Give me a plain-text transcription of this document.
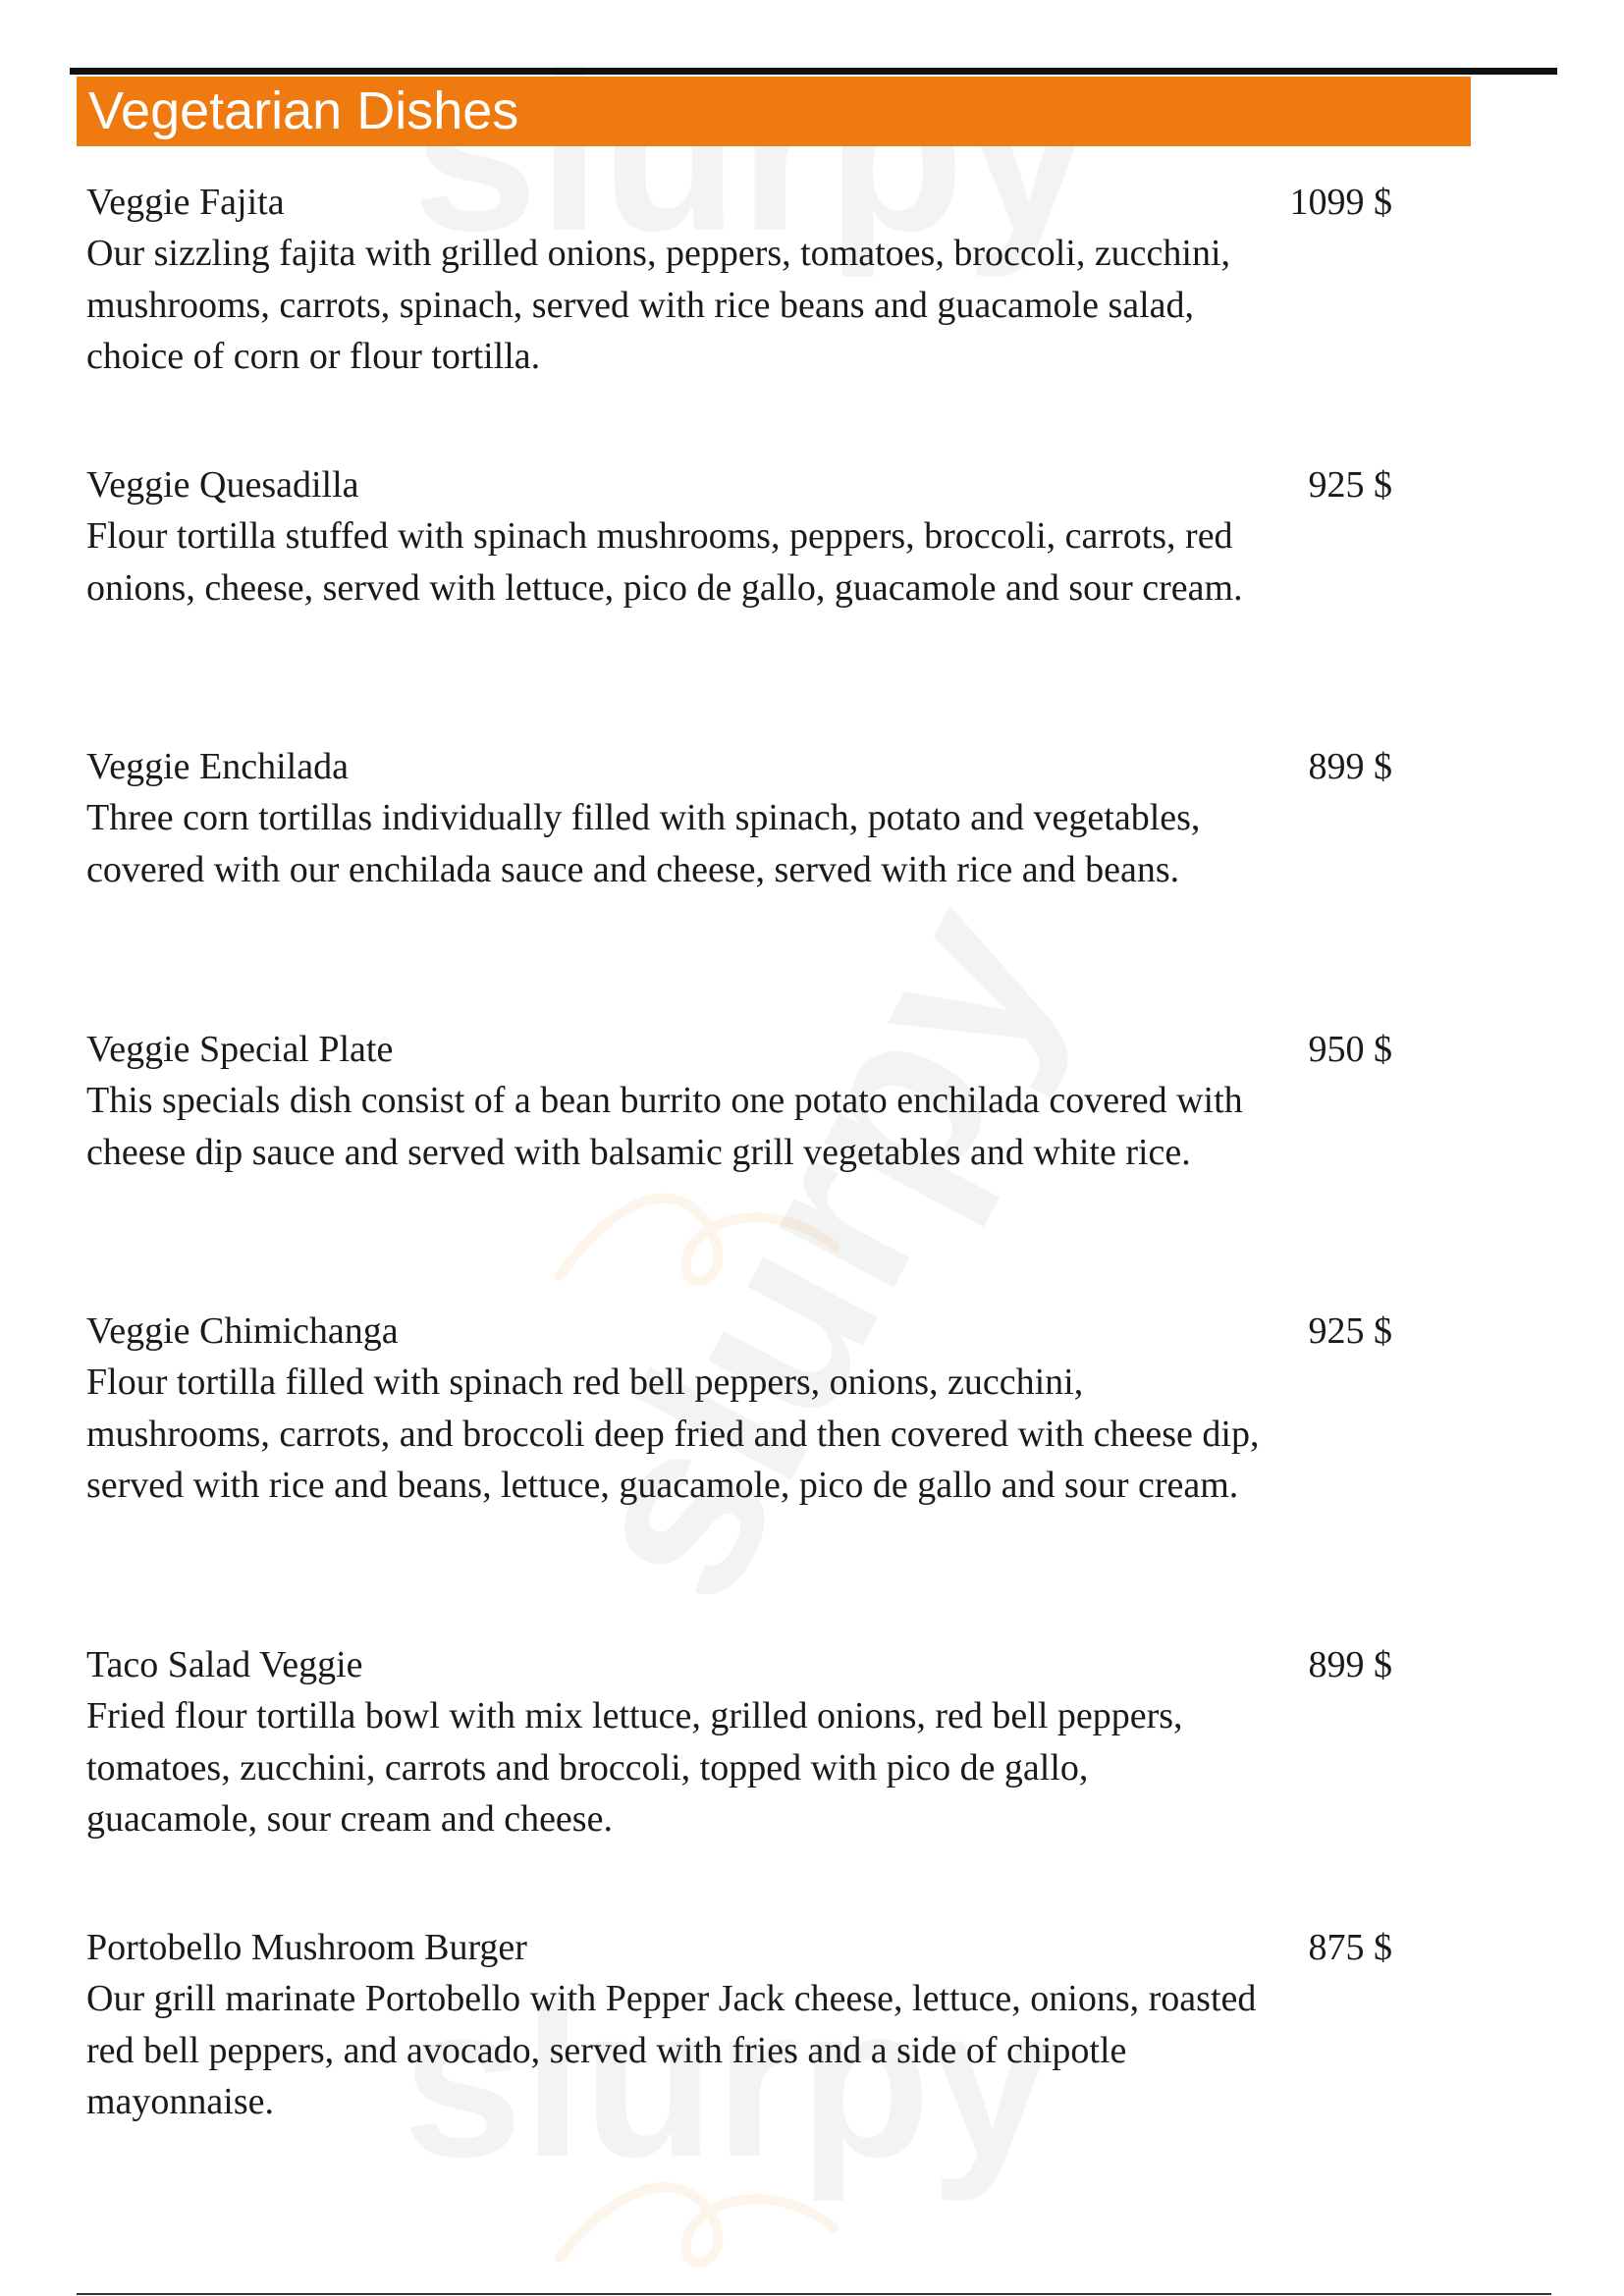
Vegetarian Dishes
Veggie Fajita	1099 $
Our sizzling fajita with grilled onions, peppers, tomatoes, broccoli, zucchini, mushrooms, carrots, spinach, served with rice beans and guacamole salad, choice of corn or flour tortilla.
Veggie Quesadilla	925 $
Flour tortilla stuffed with spinach mushrooms, peppers, broccoli, carrots, red onions, cheese, served with lettuce, pico de gallo, guacamole and sour cream.
Veggie Enchilada	899 $
Three corn tortillas individually filled with spinach, potato and vegetables, covered with our enchilada sauce and cheese, served with rice and beans.
Veggie Special Plate	950 $
This specials dish consist of a bean burrito one potato enchilada covered with cheese dip sauce and served with balsamic grill vegetables and white rice.
Veggie Chimichanga	925 $
Flour tortilla filled with spinach red bell peppers, onions, zucchini, mushrooms, carrots, and broccoli deep fried and then covered with cheese dip, served with rice and beans, lettuce, guacamole, pico de gallo and sour cream.
Taco Salad Veggie	899 $
Fried flour tortilla bowl with mix lettuce, grilled onions, red bell peppers, tomatoes, zucchini, carrots and broccoli, topped with pico de gallo, guacamole, sour cream and cheese.
Portobello Mushroom Burger	875 $
Our grill marinate Portobello with Pepper Jack cheese, lettuce, onions, roasted red bell peppers, and avocado, served with fries and a side of chipotle mayonnaise.
